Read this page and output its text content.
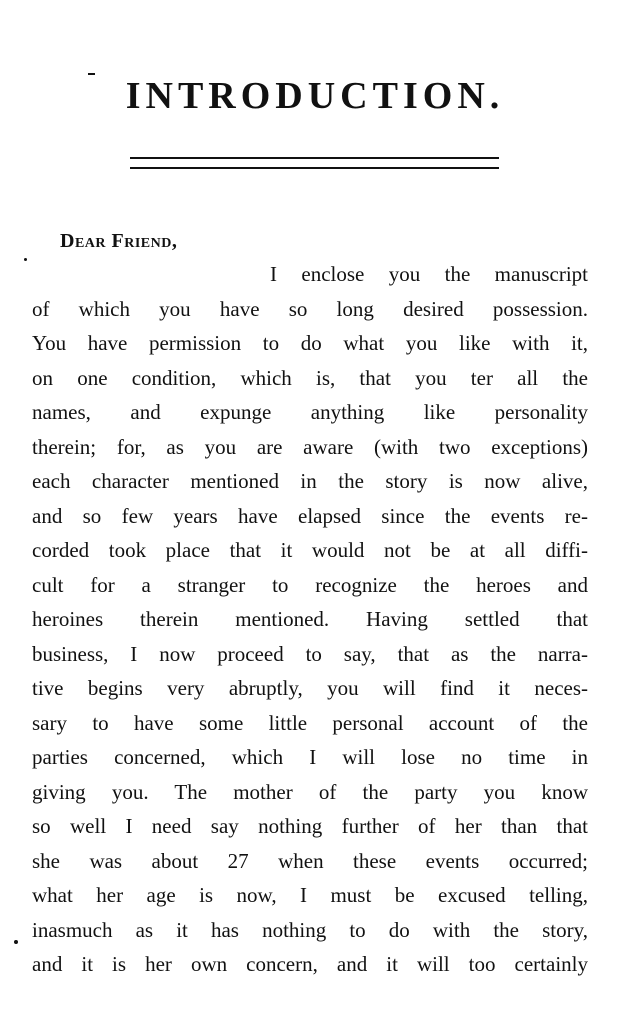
INTRODUCTION.
Dear Friend,
I enclose you the manuscript
of which you have so long desired possession.
You have permission to do what you like with it,
on one condition, which is, that you ter all the
names, and expunge anything like personality
therein; for, as you are aware (with two exceptions)
each character mentioned in the story is now alive,
and so few years have elapsed since the events re-
corded took place that it would not be at all diffi-
cult for a stranger to recognize the heroes and
heroines therein mentioned. Having settled that
business, I now proceed to say, that as the narra-
tive begins very abruptly, you will find it neces-
sary to have some little personal account of the
parties concerned, which I will lose no time in
giving you. The mother of the party you know
so well I need say nothing further of her than that
she was about 27 when these events occurred;
what her age is now, I must be excused telling,
inasmuch as it has nothing to do with the story,
and it is her own concern, and it will too certainly
